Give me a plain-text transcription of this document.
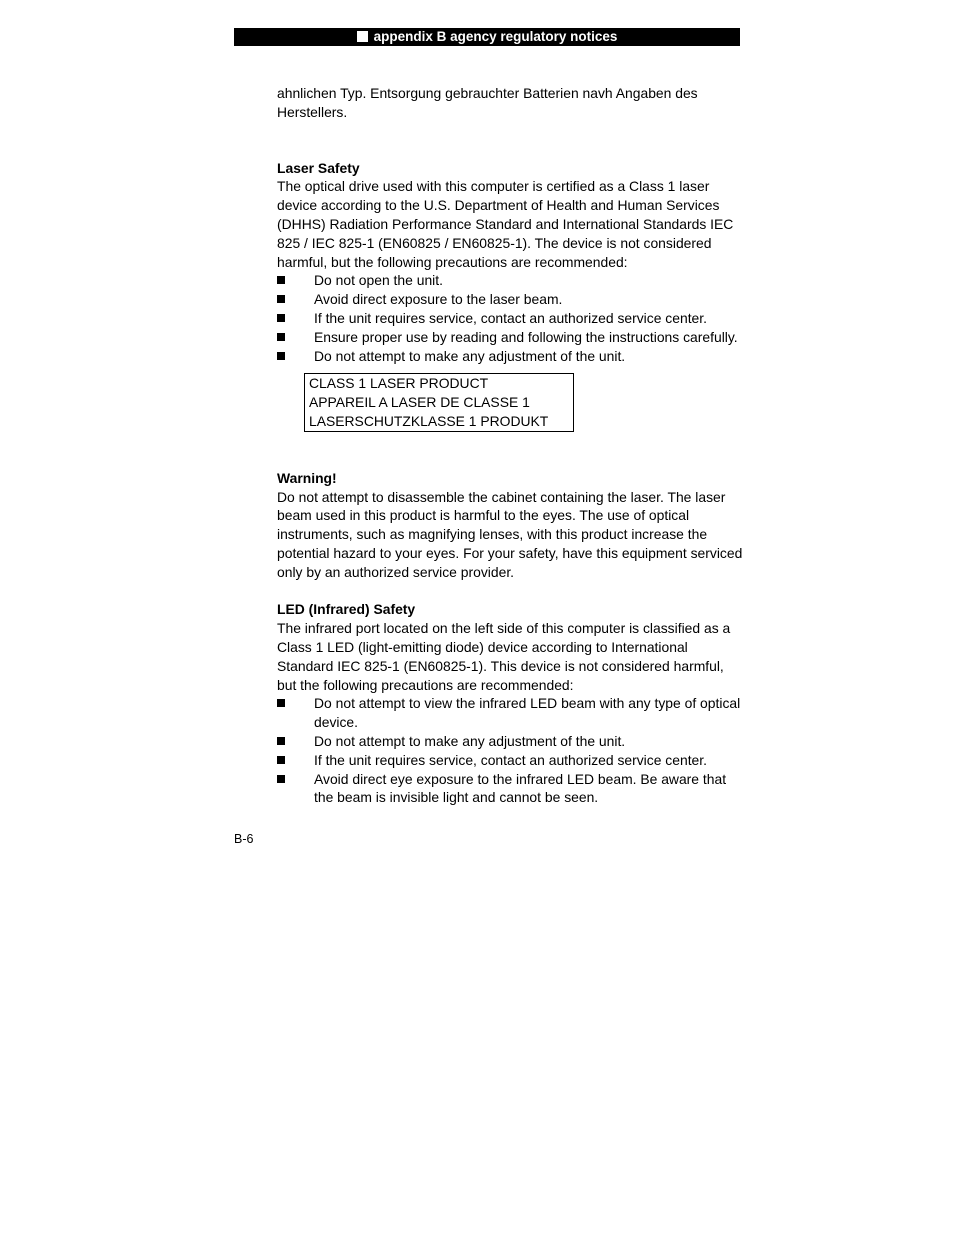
appendix B agency regulatory notices

ahnlichen Typ. Entsorgung gebrauchter Batterien navh Angaben des Herstellers.

Laser Safety

The optical drive used with this computer is certified as a Class 1 laser device according to the U.S. Department of Health and Human Services (DHHS) Radiation Performance Standard and International Standards IEC 825 / IEC 825-1 (EN60825 / EN60825-1). The device is not considered harmful, but the following precautions are recommended:

Do not open the unit.
Avoid direct exposure to the laser beam.
If the unit requires service, contact an authorized service center.
Ensure proper use by reading and following the instructions carefully.
Do not attempt to make any adjustment of the unit.
CLASS 1 LASER PRODUCT
APPAREIL A LASER DE CLASSE 1
LASERSCHUTZKLASSE 1 PRODUKT

Warning!

Do not attempt to disassemble the cabinet containing the laser. The laser beam used in this product is harmful to the eyes. The use of optical instruments, such as magnifying lenses, with this product increase the potential hazard to your eyes. For your safety, have this equipment serviced only by an authorized service provider.

LED (Infrared) Safety

The infrared port located on the left side of this computer is classified as a Class 1 LED (light-emitting diode) device according to International Standard IEC 825-1 (EN60825-1). This device is not considered harmful, but the following precautions are recommended:

Do not attempt to view the infrared LED beam with any type of optical device.
Do not attempt to make any adjustment of the unit.
If the unit requires service, contact an authorized service center.
Avoid direct eye exposure to the infrared LED beam. Be aware that the beam is invisible light and cannot be seen.
B-6
